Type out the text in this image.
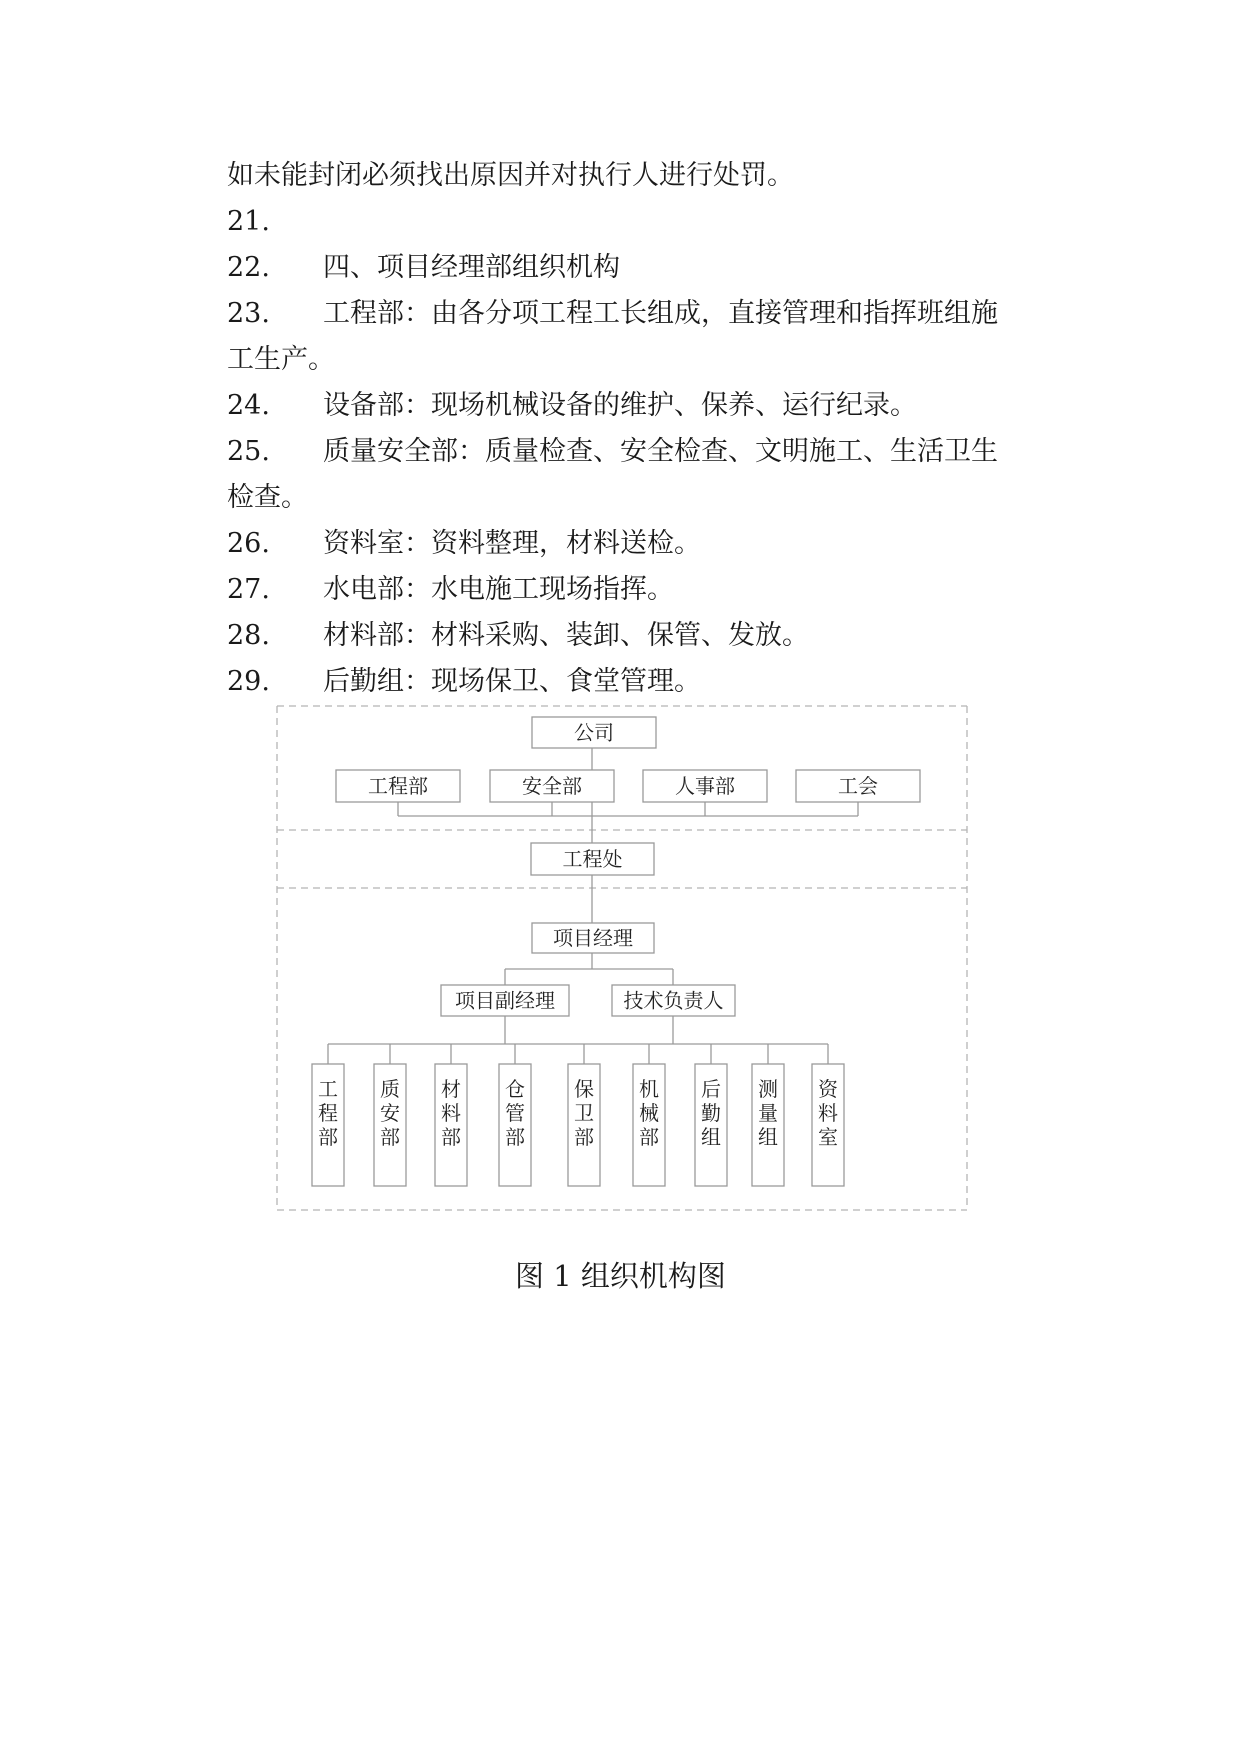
如未能封闭必须找出原因并对执行人进行处罚。
21.
22.	四、项目经理部组织机构
23.	工程部：由各分项工程工长组成，直接管理和指挥班组施
工生产。
24.	设备部：现场机械设备的维护、保养、运行纪录。
25.	质量安全部：质量检查、安全检查、文明施工、生活卫生
检查。
26.	资料室：资料整理，材料送检。
27.	水电部：水电施工现场指挥。
28.	材料部：材料采购、装卸、保管、发放。
29.	后勤组：现场保卫、食堂管理。
公司
工程部	安全部	人事部	工会
工程处
项目经理
项目副经理	技术负责人
工程部
质安部
材料部
仓管部
保卫部
机械部
后勤组
测量组
资料室
图 1 组织机构图
